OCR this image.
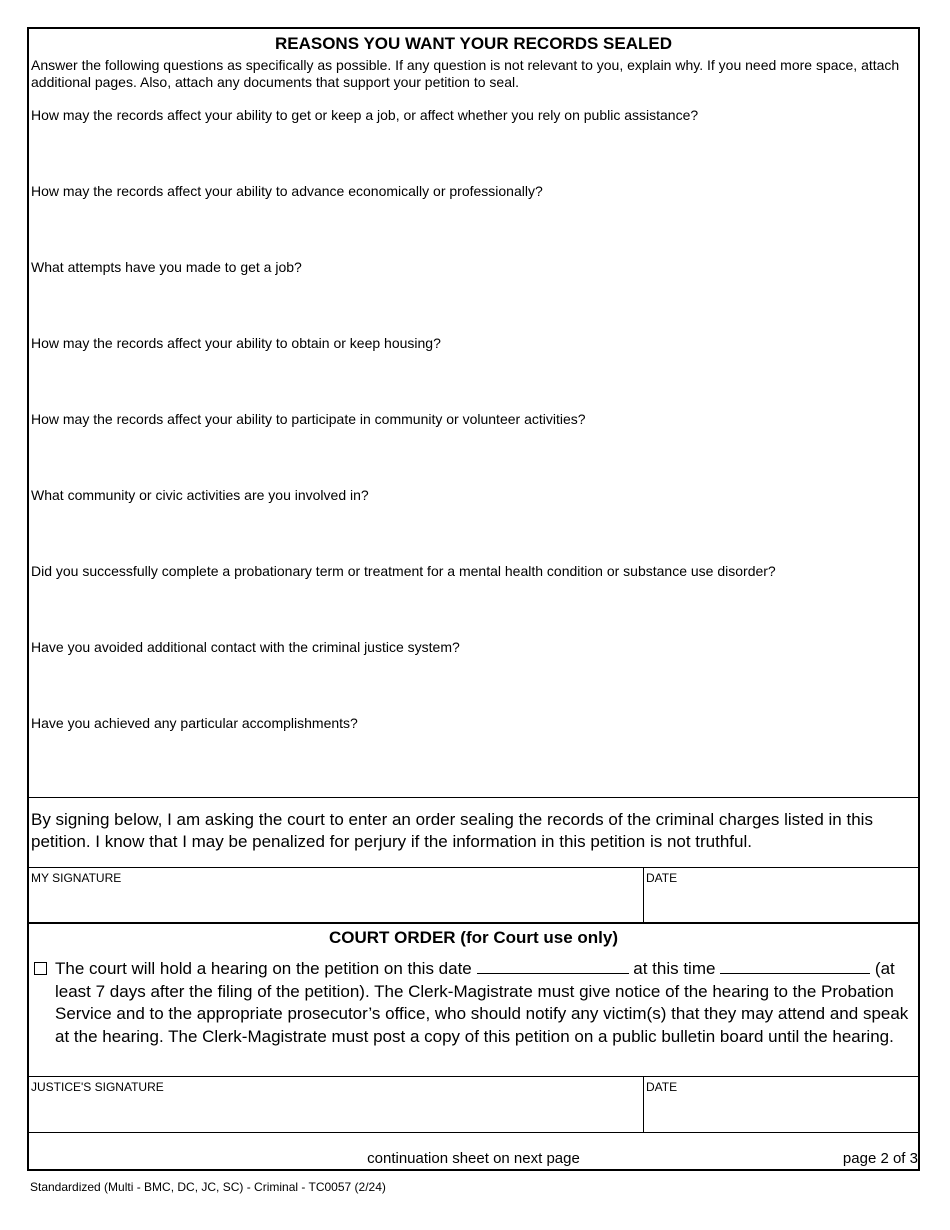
REASONS YOU WANT YOUR RECORDS SEALED
Answer the following questions as specifically as possible. If any question is not relevant to you, explain why. If you need more space, attach additional pages. Also, attach any documents that support your petition to seal.
How may the records affect your ability to get or keep a job, or affect whether you rely on public assistance?
How may the records affect your ability to advance economically or professionally?
What attempts have you made to get a job?
How may the records affect your ability to obtain or keep housing?
How may the records affect your ability to participate in community or volunteer activities?
What community or civic activities are you involved in?
Did you successfully complete a probationary term or treatment for a mental health condition or substance use disorder?
Have you avoided additional contact with the criminal justice system?
Have you achieved any particular accomplishments?
By signing below, I am asking the court to enter an order sealing the records of the criminal charges listed in this petition. I know that I may be penalized for perjury if the information in this petition is not truthful.
MY SIGNATURE	DATE
COURT ORDER (for Court use only)
The court will hold a hearing on the petition on this date	at this time	(at least 7 days after the filing of the petition). The Clerk-Magistrate must give notice of the hearing to the Probation Service and to the appropriate prosecutor’s office, who should notify any victim(s) that they may attend and speak at the hearing. The Clerk-Magistrate must post a copy of this petition on a public bulletin board until the hearing.
JUSTICE'S SIGNATURE	DATE
continuation sheet on next page	page 2 of 3
Standardized (Multi - BMC, DC, JC, SC) - Criminal - TC0057 (2/24)
